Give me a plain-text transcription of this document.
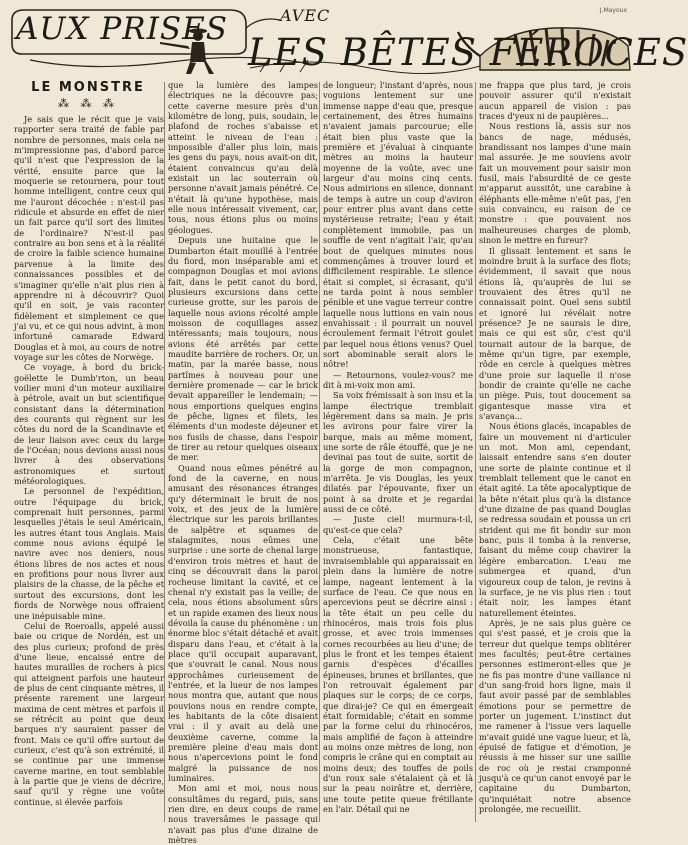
AUX PRISES	AVEC
LES BÊTES FÉROCES
J.Mayoux
LE MONSTRE
⁂ ⁂ ⁂

Je sais que le récit que je vais rapporter sera traité de fable par nombre de personnes, mais cela ne m'impressionne pas, d'abord parce qu'il n'est que l'expression de la vérité, ensuite parce que la moquerie se retournera, pour tout homme intelligent, contre ceux qui me l'auront décochée : n'est-il pas ridicule et absurde en effet de nier un fait parce qu'il sort des limites de l'ordinaire? N'est-il pas contraire au bon sens et à la réalité de croire la faible science humaine parvenue à la limite des connaissances possibles et de s'imaginer qu'elle n'ait plus rien à apprendre ni à découvrir? Quoi qu'il en soit, je vais raconter fidèlement et simplement ce que j'ai vu, et ce qui nous advint, à mon infortuné camarade Edward Douglas et à moi, au cours de notre voyage sur les côtes de Norwège.

Ce voyage, à bord du brick-goëlette le Dumb'rton, un beau voilier muni d'un moteur auxiliaire à pétrole, avait un but scientifique consistant dans la détermination des courants qui règnent sur les côtes du nord de la Scandinavie et de leur liaison avec ceux du large de l'Océan; nous devions aussi nous livrer à des observations astronomiques et surtout météorologiques.

Le personnel de l'expédition, outre l'équipage du brick, comprenait huit personnes, parmi lesquelles j'étais le seul Américain, les autres étant tous Anglais. Mais comme nous avions équipé le navire avec nos deniers, nous étions libres de nos actes et nous en profitions pour nous livrer aux plaisirs de la chasse, de la pêche et surtout des excursions, dont les fiords de Norwège nous offraient une inépuisable mine.

Celui de Roeroalls, appelé aussi baie ou crique de Nordén, est un des plus curieux; profond de près d'une lieue, encaissé entre de hautes murailles de rochers à pics qui atteignent parfois une hauteur de plus de cent cinquante mètres, il présente rarement une largeur maxima de cent mètres et parfois il se rétrécit au point que deux barques n'y sauraient passer de front. Mais ce qu'il offre surtout de curieux, c'est qu'à son extrémité, il se continue par une immense caverne marine, en tout semblable à la partie que je viens de décrire, sauf qu'il y règne une voûte continue, si élevée parfois

que la lumière des lampes électriques ne la découvre pas; cette caverne mesure près d'un kilomètre de long, puis, soudain, le plafond de roches s'abaisse et atteint le niveau de l'eau : impossible d'aller plus loin, mais les gens du pays, nous avait-on dit, étaient convaincus qu'au delà existait un lac souterrain où personne n'avait jamais pénétré. Ce n'était là qu'une hypothèse, mais elle nous intéressait vivement, car, tous, nous étions plus ou moins géologues.

Depuis une huitaine que le Dumbarton était mouillé à l'entrée du fiord, mon inséparable ami et compagnon Douglas et moi avions fait, dans le petit canot du bord, plusieurs excursions dans cette curieuse grotte, sur les parois de laquelle nous avions récolté ample moisson de coquillages assez intéressants; mais toujours, nous avions été arrêtés par cette maudite barrière de rochers. Or, un matin, par la marée basse, nous partîmes à nouveau pour une dernière promenade — car le brick devait appareiller le lendemain; — nous emportions quelques engins de pêche, lignes et filets, les éléments d'un modeste déjeuner et nos fusils de chasse, dans l'espoir de tirer au retour quelques oiseaux de mer.

Quand nous eûmes pénétré au fond de la caverne, en nous amusant des résonances étranges qu'y déterminait le bruit de nos voix, et des jeux de la lumière électrique sur les parois brillantes de salpêtre et squames de stalagmites, nous eûmes une surprise : une sorte de chenal large d'environ trois mètres et haut de cinq se découvrait dans la paroi rocheuse limitant la cavité, et ce chenal n'y existait pas la veille; de cela, nous étions absolument sûrs et un rapide examen des lieux nous dévoila la cause du phénomène : un énorme bloc s'était détaché et avait disparu dans l'eau, et c'était à la place qu'il occupait auparavant, que s'ouvrait le canal. Nous nous approchâmes curieusement de l'entrée, et la lueur de nos lampes nous montra que, autant que nous pouvions nous en rendre compte, les habitants de la côte disaient vrai : il y avait au delà une deuxième caverne, comme la première pleine d'eau mais dont nous n'apercevions point le fond malgré la puissance de nos luminaires.

Mon ami et moi, nous nous consultâmes du regard, puis, sans rien dire, en deux coups de rame nous traversâmes le passage qui n'avait pas plus d'une dizaine de mètres

de longueur; l'instant d'après, nous voguions lentement sur une immense nappe d'eau que, presque certainement, des êtres humains n'avaient jamais parcourue; elle était bien plus vaste que la première et j'évaluai à cinquante mètres au moins la hauteur moyenne de la voûte, avec une largeur d'au moins cinq cents. Nous admirions en silence, donnant de temps à autre un coup d'aviron pour entrer plus avant dans cette mystérieuse retraite; l'eau y était complètement immobile, pas un souffle de vent n'agitait l'air, qu'au bout de quelques minutes nous commençâmes à trouver lourd et difficilement respirable. Le silence était si complet, si écrasant, qu'il ne tarda point à nous sembler pénible et une vague terreur contre laquelle nous luttions en vain nous envahissait : il pourrait un nouvel écroulement fermait l'étroit goulet par lequel nous étions venus? Quel sort abominable serait alors le nôtre!

— Retournons, voulez-vous? me dit à mi-voix mon ami.

Sa voix frémissait à son insu et la lampe électrique tremblait légèrement dans sa main. Je pris les avirons pour faire virer la barque, mais au même moment, une sorte de râle étouffé, que je ne devinai pas tout de suite, sortit de la gorge de mon compagnon, m'arrêta. Je vis Douglas, les yeux dilatés par l'épouvante, fixer un point à sa droite et je regardai aussi de ce côté.

— Juste ciel! murmura-t-il, qu'est-ce que cela?

Cela, c'était une bête monstrueuse, fantastique, invraisemblable qui apparaissait en plein dans la lumière de notre lampe, nageant lentement à la surface de l'eau. Ce que nous en apercevions peut se décrire ainsi : la tête était un peu celle du rhinocéros, mais trois fois plus grosse, et avec trois immenses cornes recourbées au lieu d'une; de plus le front et les tempes étaient garnis d'espèces d'écailles épineuses, brunes et brillantes, que l'on retrouvait également par plaques sur le corps; de ce corps, que dirai-je? Ce qui en émergeait était formidable; c'était en somme par la forme celui du rhinocéros, mais amplifié de façon à atteindre au moins onze mètres de long, non compris le crâne qui en comptait au moins deux; des touffes de poils d'un roux sale s'étalaient çà et là sur la peau noirâtre et, derrière, une toute petite queue frétillante en l'air. Détail qui ne

me frappa que plus tard, je crois pouvoir assurer qu'il n'existait aucun appareil de vision : pas traces d'yeux ni de paupières...

Nous restions là, assis sur nos bancs de nage, médusés, brandissant nos lampes d'une main mal assurée. Je me souviens avoir fait un mouvement pour saisir mon fusil, mais l'absurdité de ce geste m'apparut aussitôt, une carabine à éléphants elle-même n'eût pas, j'en suis convaincu, eu raison de ce monstre : que pouvaient nos malheureuses charges de plomb, sinon le mettre en fureur?

Il glissait lentement et sans le moindre bruit à la surface des flots; évidemment, il savait que nous étions là, qu'auprès de lui se trouvaient des êtres qu'il ne connaissait point. Quel sens subtil et ignoré lui révélait notre présence? Je ne saurais le dire, mais ce qui est sûr, c'est qu'il tournait autour de la barque, de même qu'un tigre, par exemple, rôde en cercle à quelques mètres d'une proie sur laquelle il n'ose bondir de crainte qu'elle ne cache un piège. Puis, tout doucement sa gigantesque masse vira et s'avança...

Nous étions glacés, incapables de faire un mouvement ni d'articuler un mot. Mon ami, cependant, laissait entendre sans s'en douter une sorte de plainte continue et il tremblait tellement que le canot en était agité. La tête apocalyptique de la bête n'était plus qu'à la distance d'une dizaine de pas quand Douglas se redressa soudain et poussa un cri strident qui me fit bondir sur mon banc, puis il tomba à la renverse, faisant du même coup chavirer la légère embarcation. L'eau me submergea et quand, d'un vigoureux coup de talon, je revins à la surface, je ne vis plus rien : tout était noir, les lampes étant naturellement éteintes.

Après, je ne sais plus guère ce qui s'est passé, et je crois que la terreur dut quelque temps oblitérer mes facultés; peut-être certaines personnes estimeront-elles que je ne fis pas montre d'une vaillance ni d'un sang-froid hors ligne, mais il faut avoir passé par de semblables émotions pour se permettre de porter un jugement. L'instinct dut me ramener à l'issue vers laquelle m'avait guidé une vague lueur, et là, épuisé de fatigue et d'émotion, je réussis à me hisser sur une saillie de roc où je restai cramponné jusqu'à ce qu'un canot envoyé par le capitaine du Dumbarton, qu'inquiétait notre absence prolongée, me recueillit.
